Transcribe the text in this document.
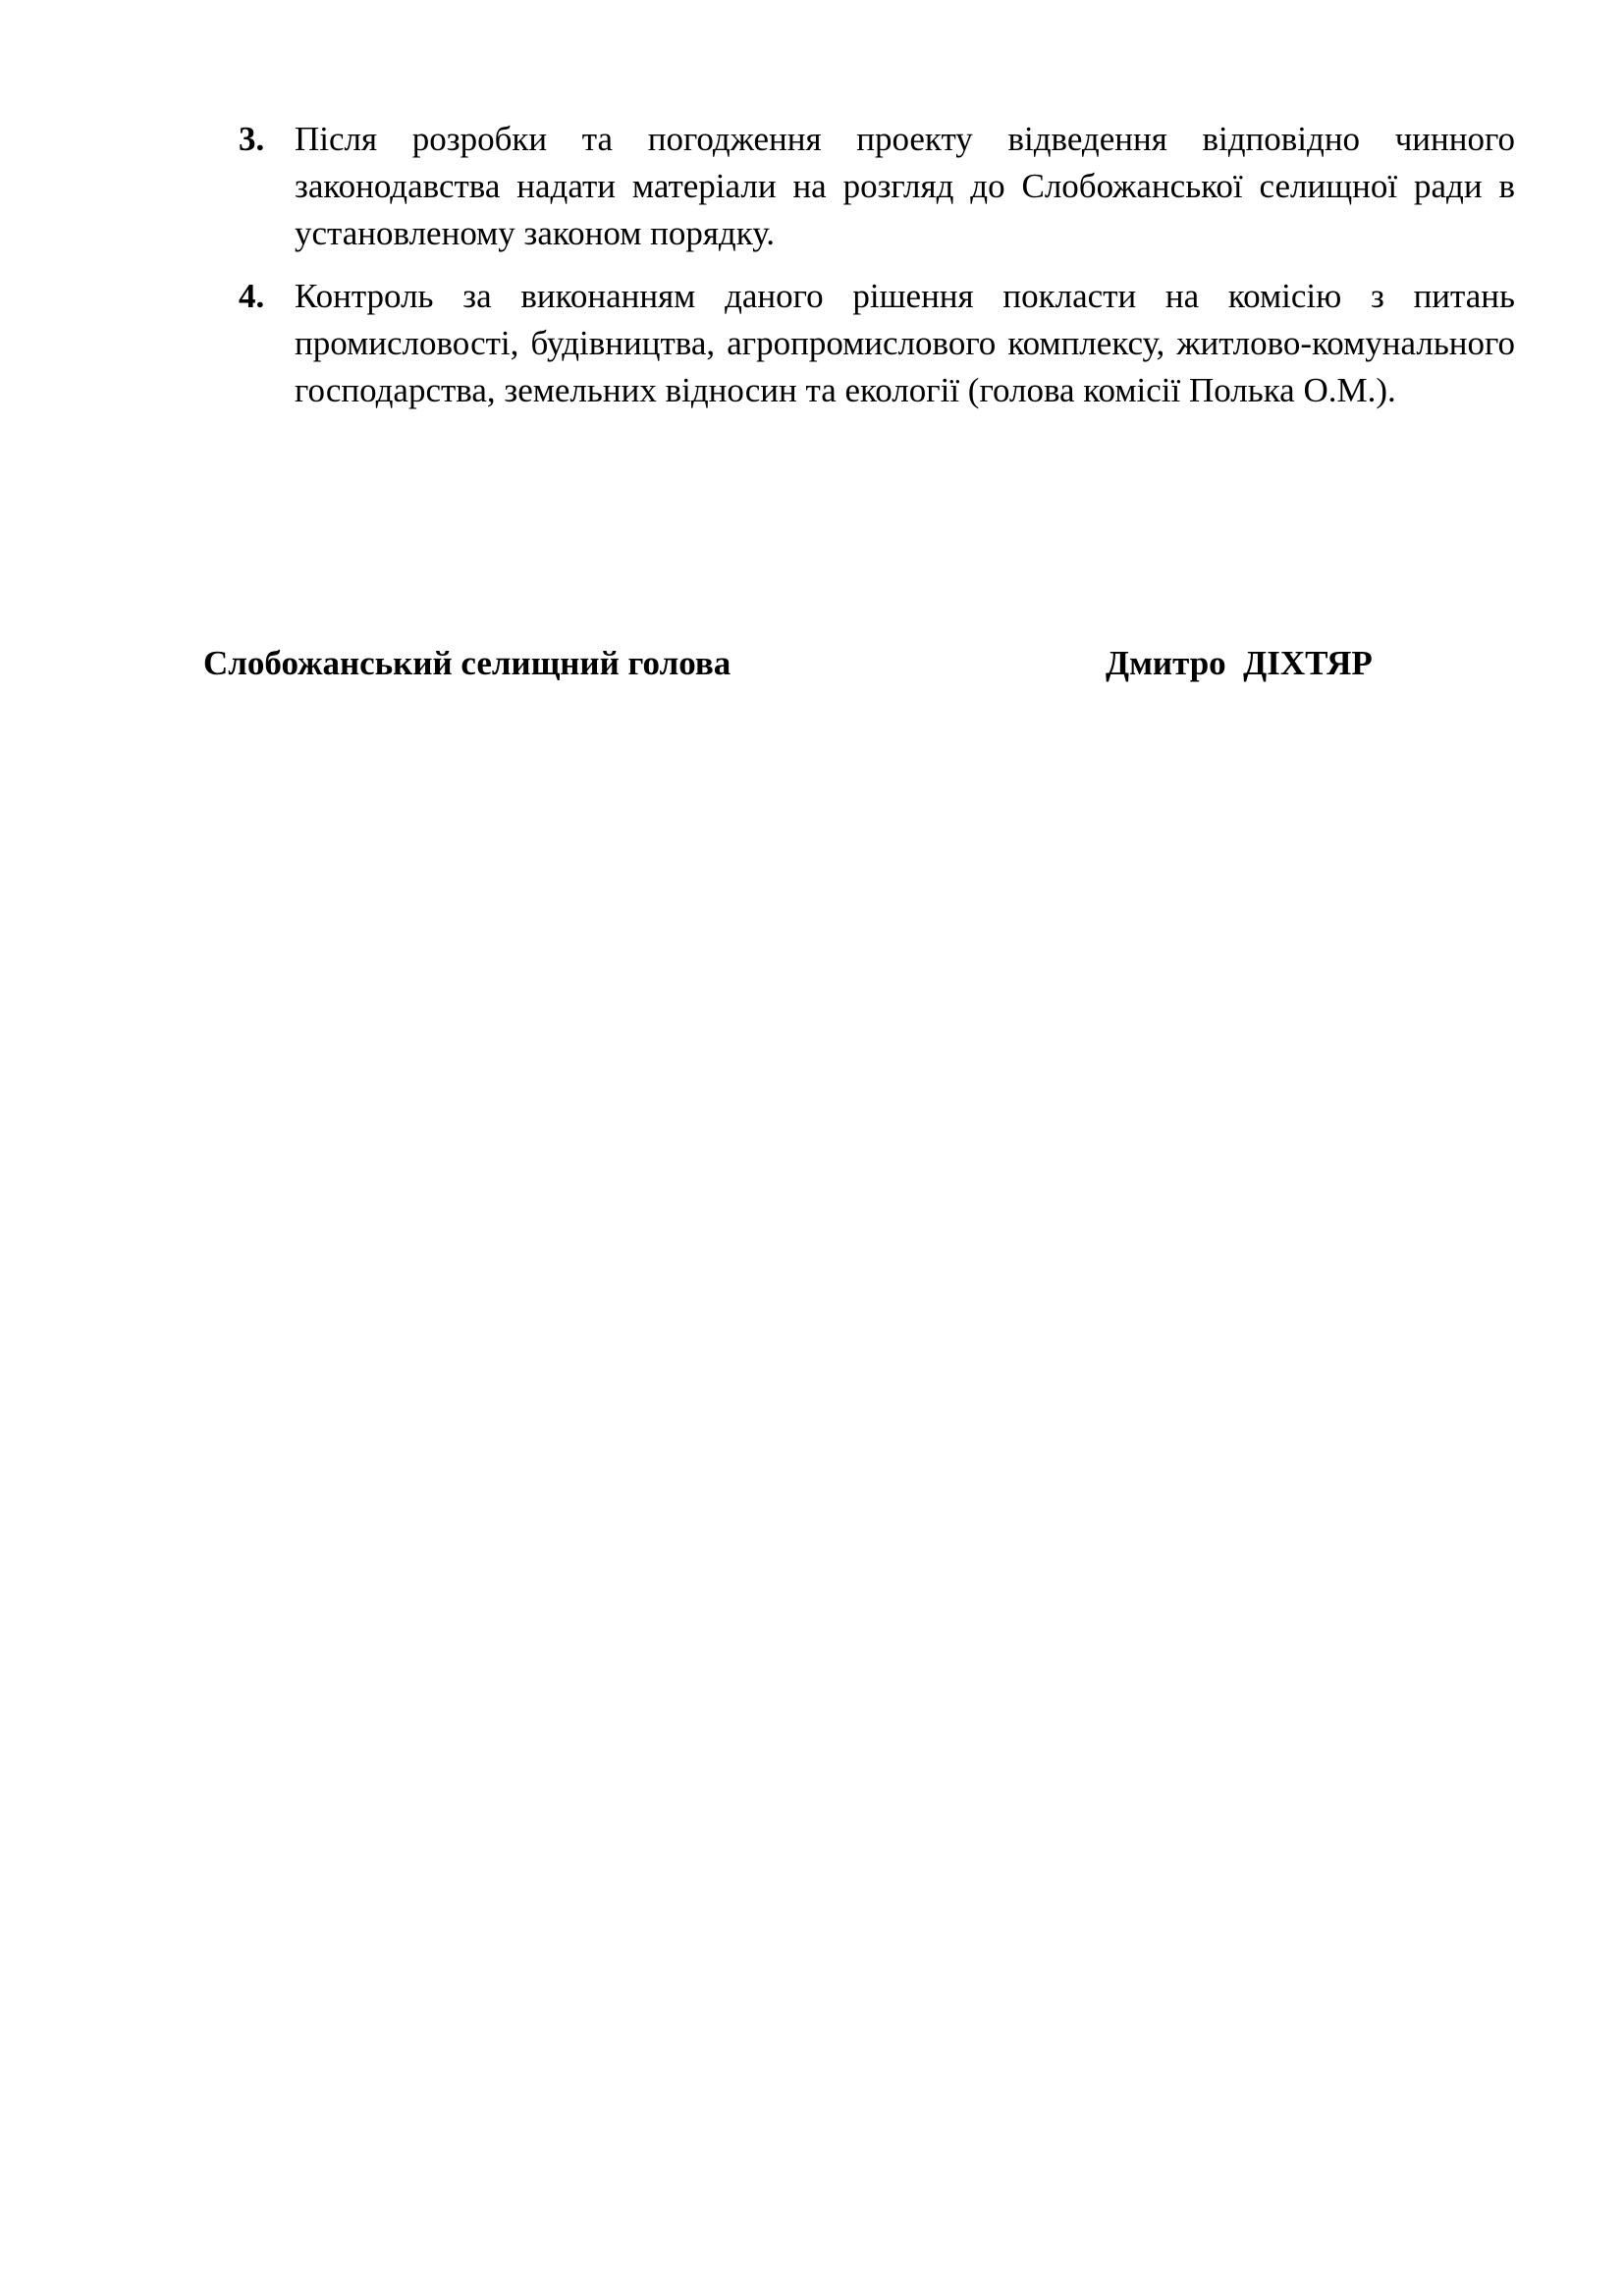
3. Після розробки та погодження проекту відведення відповідно чинного законодавства надати матеріали на розгляд до Слобожанської селищної ради в установленому законом порядку.
4. Контроль за виконанням даного рішення покласти на комісію з питань промисловості, будівництва, агропромислового комплексу, житлово-комунального господарства, земельних відносин та екології (голова комісії Полька О.М.).
Слобожанський селищний голова	Дмитро  ДІХТЯР
